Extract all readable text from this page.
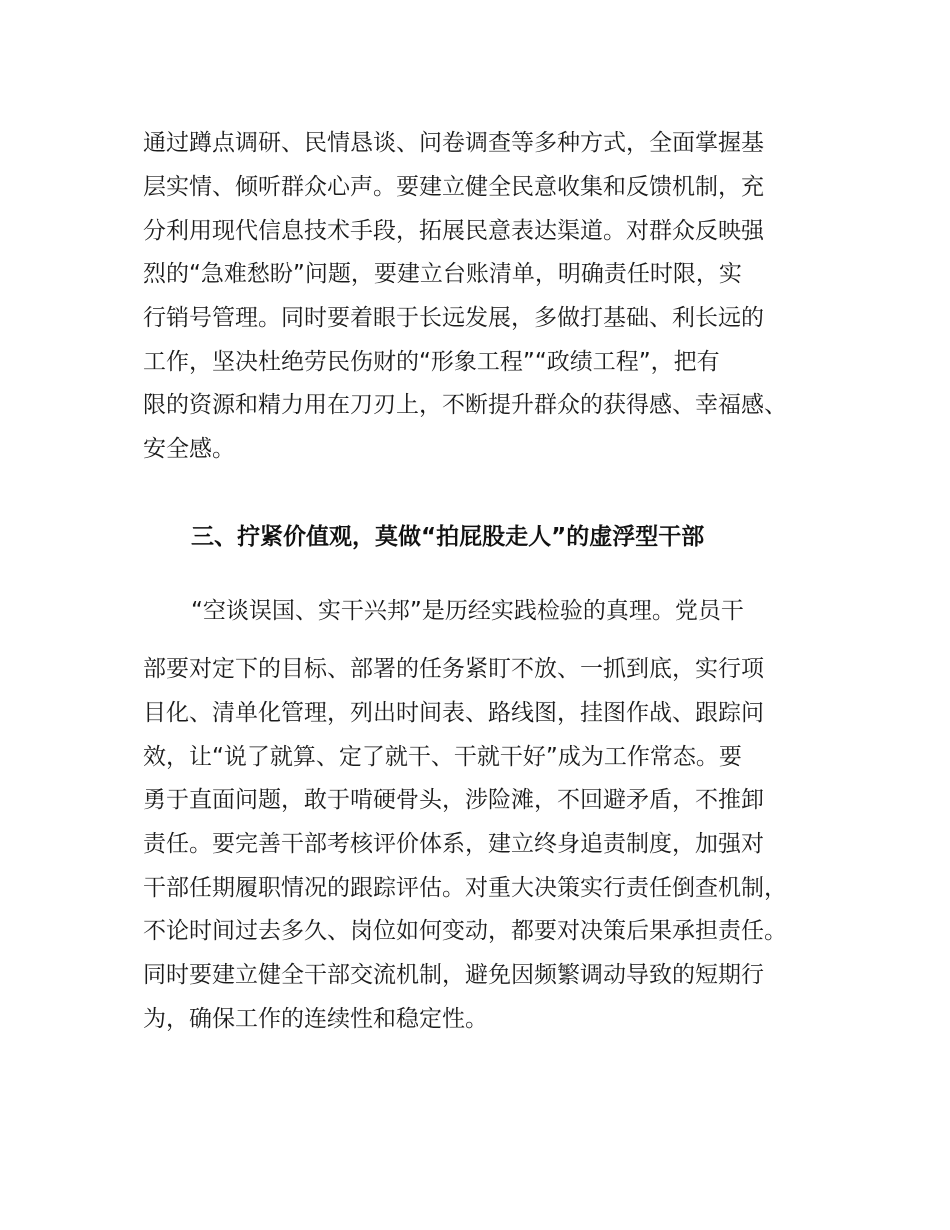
通过蹲点调研、民情恳谈、问卷调查等多种方式，全面掌握基
层实情、倾听群众心声。要建立健全民意收集和反馈机制，充
分利用现代信息技术手段，拓展民意表达渠道。对群众反映强
烈的“急难愁盼”问题，要建立台账清单，明确责任时限，实
行销号管理。同时要着眼于长远发展，多做打基础、利长远的
工作，坚决杜绝劳民伤财的“形象工程”“政绩工程”，把有
限的资源和精力用在刀刃上，不断提升群众的获得感、幸福感、
安全感。
三、拧紧价值观，莫做“拍屁股走人”的虚浮型干部
“空谈误国、实干兴邦”是历经实践检验的真理。党员干
部要对定下的目标、部署的任务紧盯不放、一抓到底，实行项
目化、清单化管理，列出时间表、路线图，挂图作战、跟踪问
效，让“说了就算、定了就干、干就干好”成为工作常态。要
勇于直面问题，敢于啃硬骨头，涉险滩，不回避矛盾，不推卸
责任。要完善干部考核评价体系，建立终身追责制度，加强对
干部任期履职情况的跟踪评估。对重大决策实行责任倒查机制，
不论时间过去多久、岗位如何变动，都要对决策后果承担责任。
同时要建立健全干部交流机制，避免因频繁调动导致的短期行
为，确保工作的连续性和稳定性。
